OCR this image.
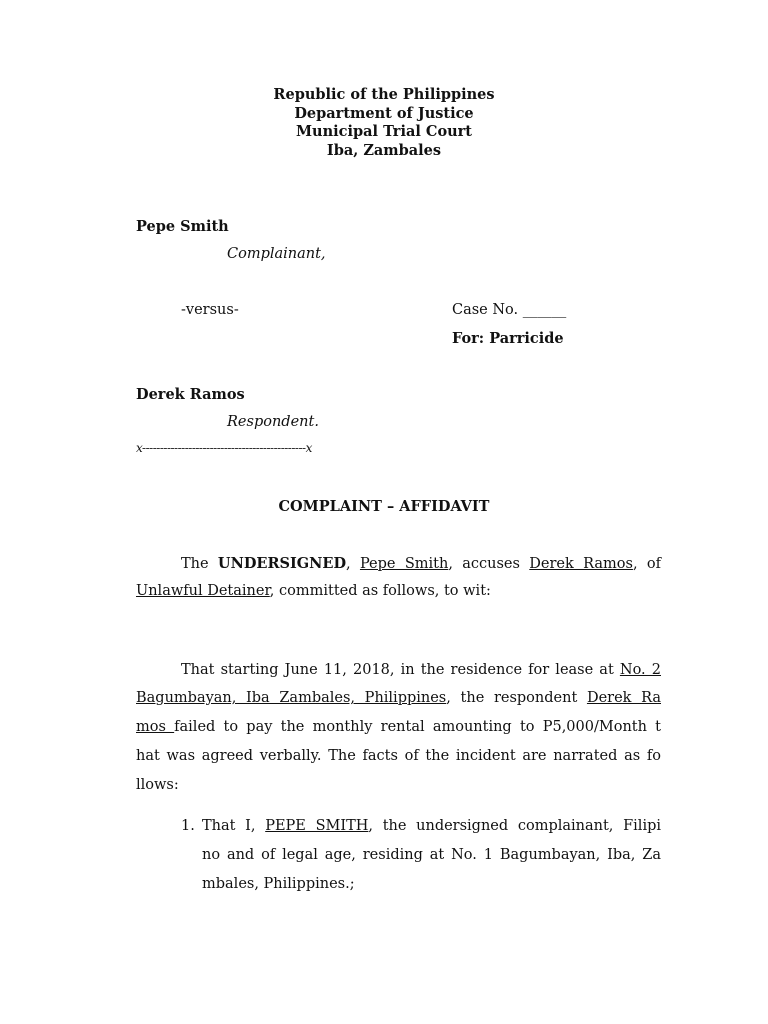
Republic of the Philippines
Department of Justice
Municipal Trial Court
Iba, Zambales
Pepe Smith
Complainant,
-versus-	Case No. ______
For: Parricide
Derek Ramos
Respondent.
x----------------------------------------------x
COMPLAINT – AFFIDAVIT
The UNDERSIGNED, Pepe Smith, accuses Derek Ramos, of
Unlawful Detainer, committed as follows, to wit:
That starting June 11, 2018, in the residence for lease at No. 2
Bagumbayan, Iba Zambales, Philippines, the respondent Derek Ra
mos failed to pay the monthly rental amounting to P5,000/Month t
hat was agreed verbally. The facts of the incident are narrated as fo
llows:
1. That I, PEPE SMITH, the undersigned complainant, Filipi
no and of legal age, residing at No. 1 Bagumbayan, Iba, Za
mbales, Philippines.;
